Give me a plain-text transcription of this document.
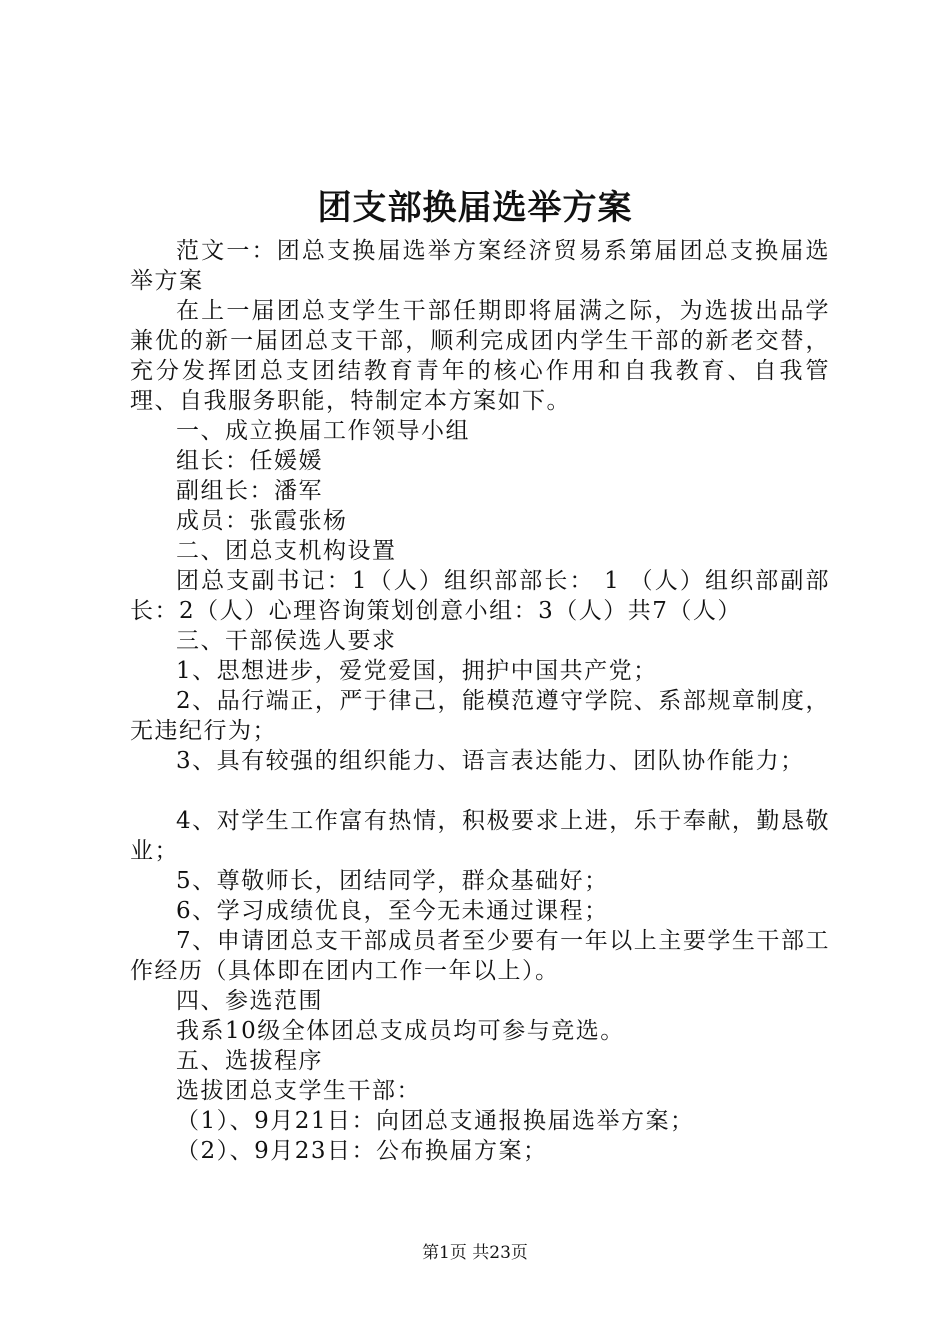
团支部换届选举方案

范文一：团总支换届选举方案经济贸易系第届团总支换届选举方案

在上一届团总支学生干部任期即将届满之际，为选拔出品学兼优的新一届团总支干部，顺利完成团内学生干部的新老交替，充分发挥团总支团结教育青年的核心作用和自我教育、自我管理、自我服务职能，特制定本方案如下。

一、成立换届工作领导小组

组长：任媛媛

副组长：潘军

成员：张霞张杨

二、团总支机构设置

团总支副书记：1（人）组织部部长： 1 （人）组织部副部长：2（人）心理咨询策划创意小组：3（人）共7（人）

三、干部侯选人要求

1、思想进步，爱党爱国，拥护中国共产党；

2、品行端正，严于律己，能模范遵守学院、系部规章制度，无违纪行为；

3、具有较强的组织能力、语言表达能力、团队协作能力；

4、对学生工作富有热情，积极要求上进，乐于奉献，勤恳敬业；

5、尊敬师长，团结同学，群众基础好；

6、学习成绩优良，至今无未通过课程；

7、申请团总支干部成员者至少要有一年以上主要学生干部工作经历（具体即在团内工作一年以上）。

四、参选范围

我系10级全体团总支成员均可参与竞选。

五、选拔程序

选拔团总支学生干部：

（1）、9月21日：向团总支通报换届选举方案；

（2）、9月23日：公布换届方案；

第1页 共23页
